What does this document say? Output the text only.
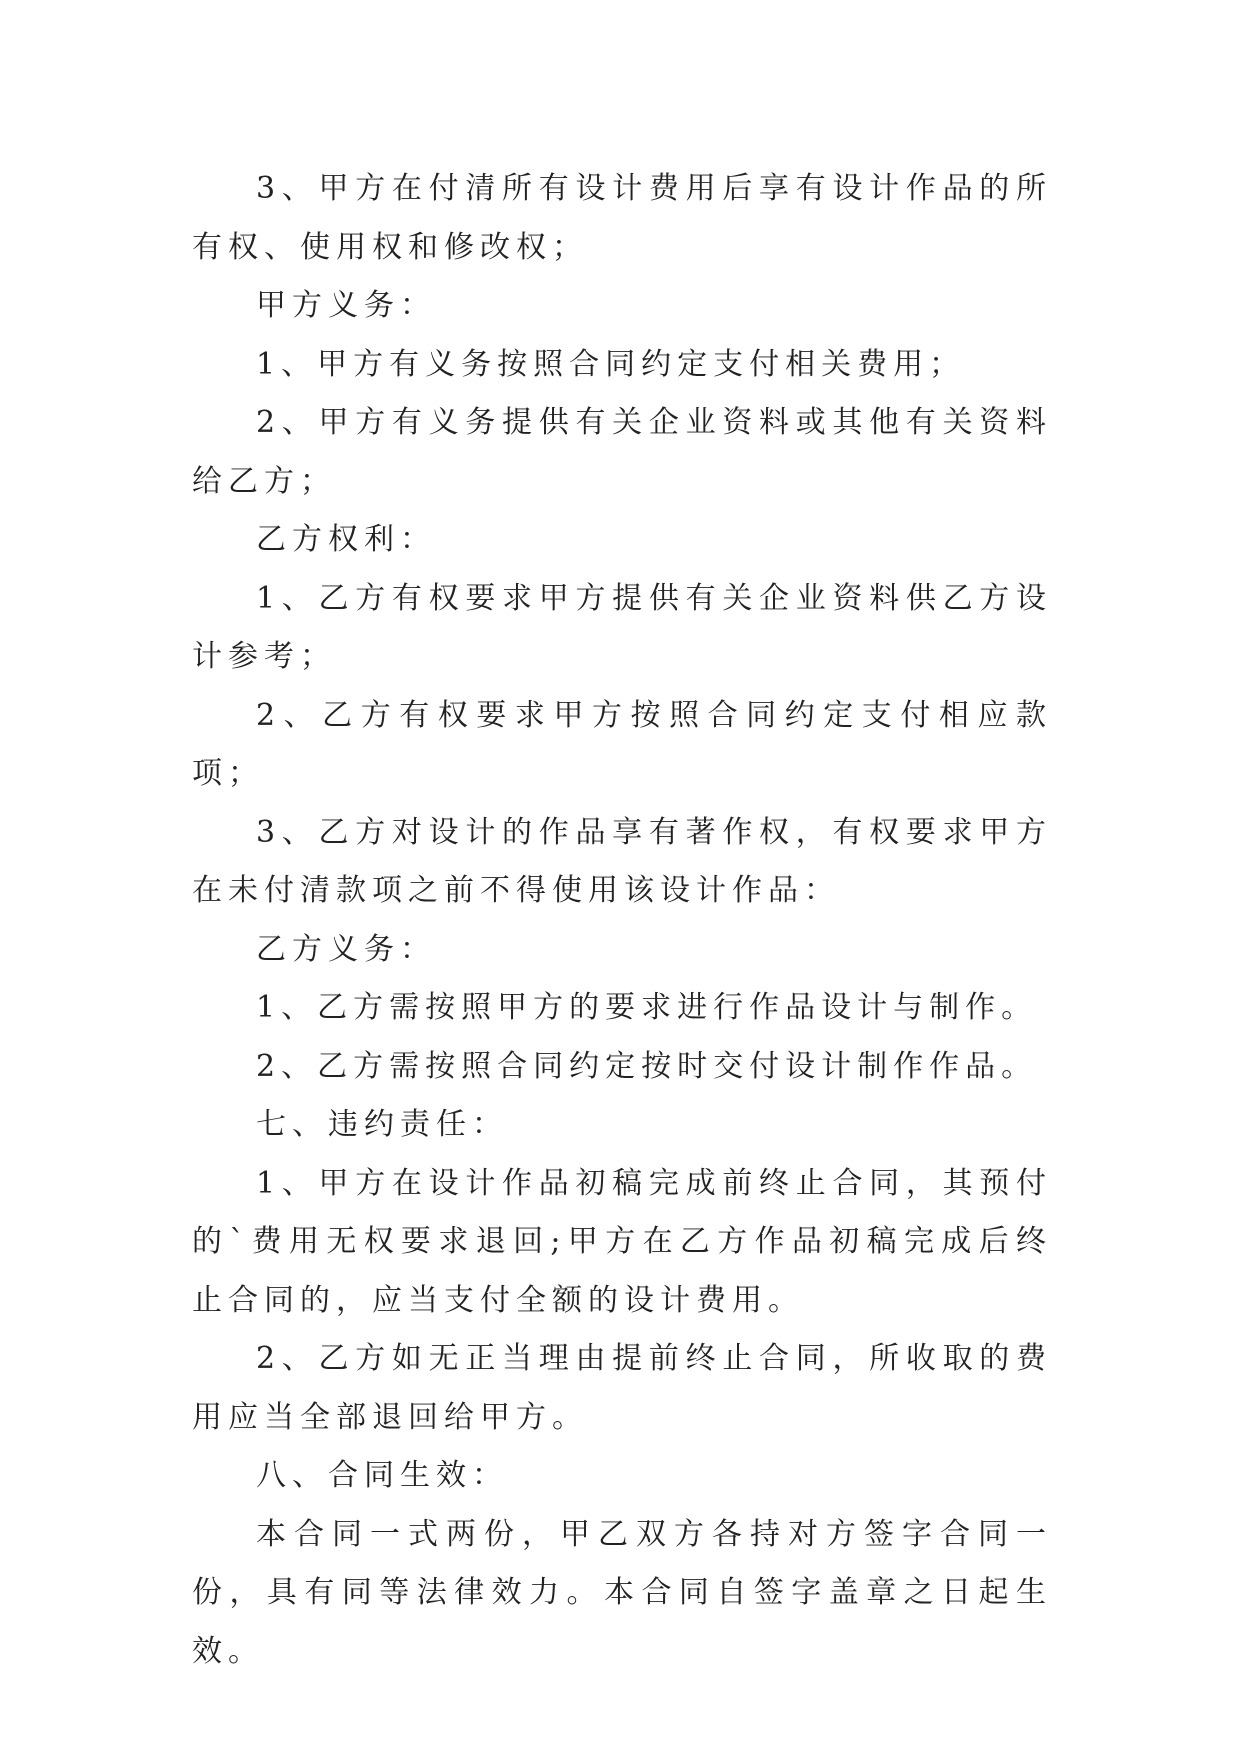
3、甲方在付清所有设计费用后享有设计作品的所有权、使用权和修改权；

甲方义务：

1、甲方有义务按照合同约定支付相关费用；

2、甲方有义务提供有关企业资料或其他有关资料给乙方；

乙方权利：

1、乙方有权要求甲方提供有关企业资料供乙方设计参考；

2、乙方有权要求甲方按照合同约定支付相应款项；

3、乙方对设计的作品享有著作权，有权要求甲方在未付清款项之前不得使用该设计作品：

乙方义务：

1、乙方需按照甲方的要求进行作品设计与制作。

2、乙方需按照合同约定按时交付设计制作作品。

七、违约责任：

1、甲方在设计作品初稿完成前终止合同，其预付的`费用无权要求退回;甲方在乙方作品初稿完成后终止合同的，应当支付全额的设计费用。

2、乙方如无正当理由提前终止合同，所收取的费用应当全部退回给甲方。

八、合同生效：

本合同一式两份，甲乙双方各持对方签字合同一份，具有同等法律效力。本合同自签字盖章之日起生效。
